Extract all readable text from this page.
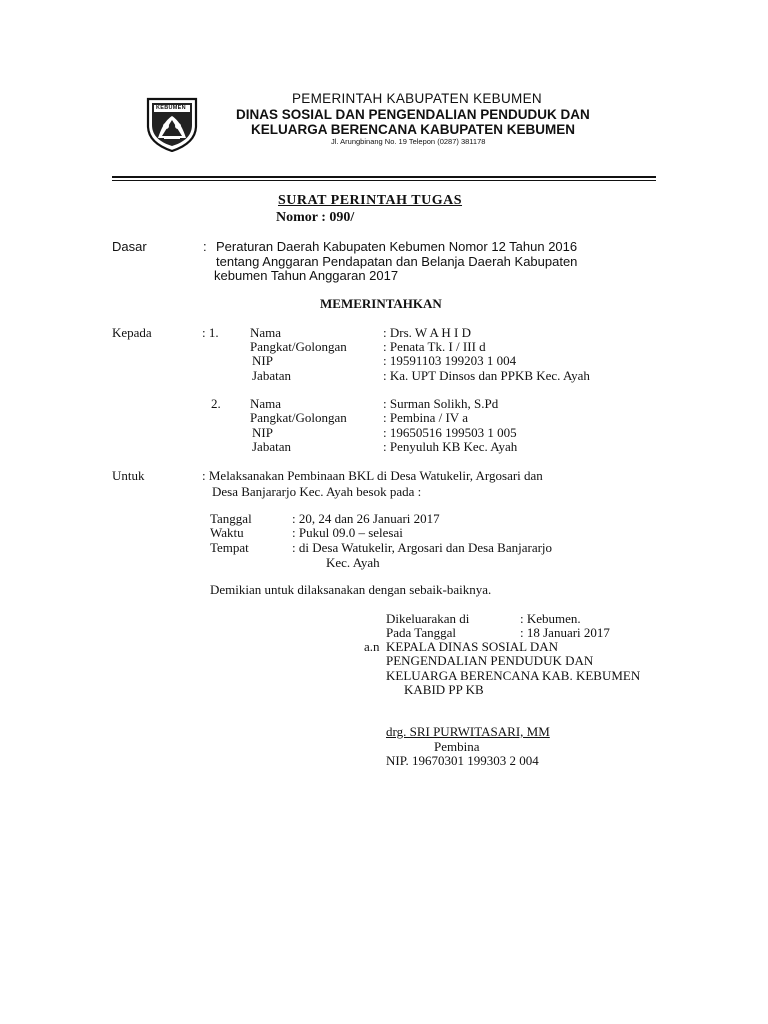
KEBUMEN
PEMERINTAH KABUPATEN KEBUMEN
DINAS SOSIAL DAN PENGENDALIAN PENDUDUK DAN
KELUARGA BERENCANA KABUPATEN KEBUMEN
Jl. Arungbinang No. 19 Telepon (0287) 381178
SURAT PERINTAH TUGAS
Nomor : 090/
Dasar	: Peraturan Daerah Kabupaten Kebumen Nomor 12 Tahun 2016
tentang Anggaran Pendapatan dan Belanja Daerah Kabupaten
kebumen Tahun Anggaran 2017
MEMERINTAHKAN
Kepada	: 1. Nama	: Drs. W A H I D
Pangkat/Golongan	: Penata Tk. I / III d
NIP	: 19591103 199203 1 004
Jabatan	: Ka. UPT Dinsos dan PPKB Kec. Ayah
2. Nama	: Surman Solikh, S.Pd
Pangkat/Golongan	: Pembina / IV a
NIP	: 19650516 199503 1 005
Jabatan	: Penyuluh KB Kec. Ayah
Untuk	: Melaksanakan Pembinaan BKL di Desa Watukelir, Argosari dan
Desa Banjararjo Kec. Ayah besok pada :
Tanggal	: 20, 24 dan 26 Januari 2017
Waktu	: Pukul 09.0 – selesai
Tempat	: di Desa Watukelir, Argosari dan Desa Banjararjo
Kec. Ayah
Demikian untuk dilaksanakan dengan sebaik-baiknya.
Dikeluarakan di	: Kebumen.
Pada Tanggal	: 18 Januari 2017
a.n KEPALA DINAS SOSIAL DAN
PENGENDALIAN PENDUDUK DAN
KELUARGA BERENCANA KAB. KEBUMEN
KABID PP KB
drg. SRI PURWITASARI, MM
Pembina
NIP. 19670301 199303 2 004
